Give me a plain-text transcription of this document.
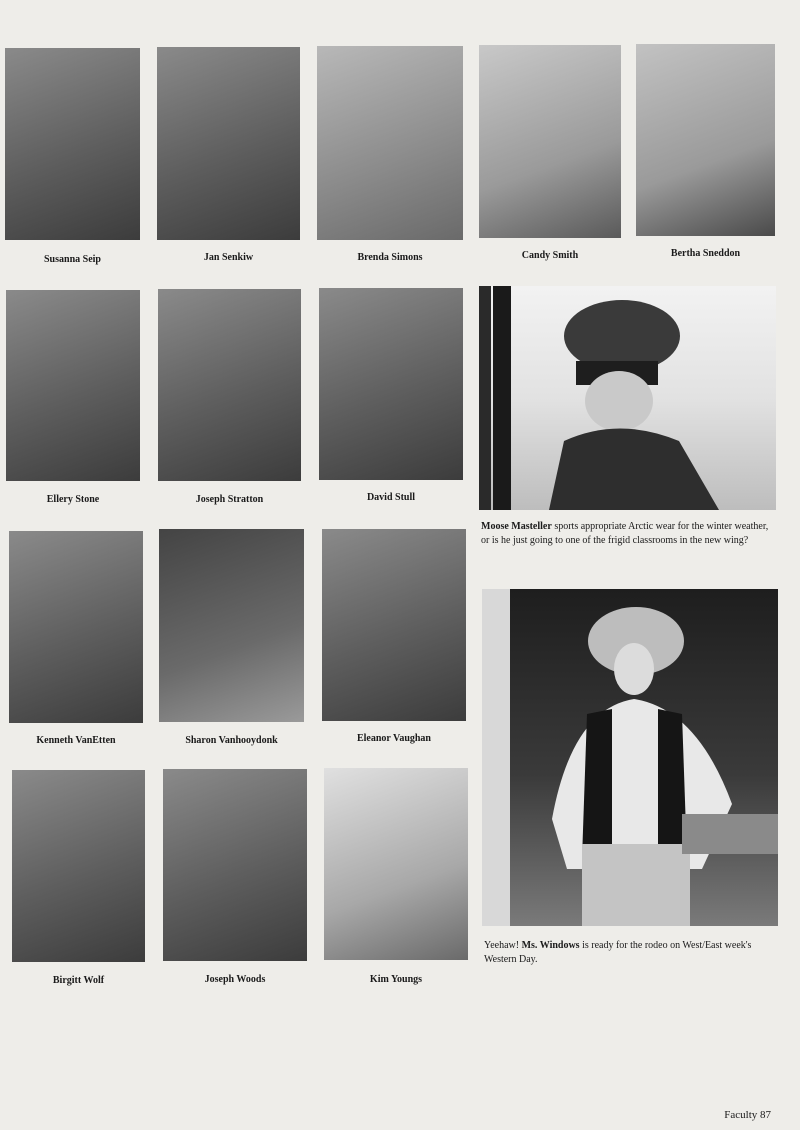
Susanna Seip	Jan Senkiw	Brenda Simons	Candy Smith	Bertha Sneddon
Ellery Stone	Joseph Stratton	David Stull
Moose Masteller sports appropriate Arctic wear for the winter weather, or is he just going to one of the frigid classrooms in the new wing?
Kenneth VanEtten	Sharon Vanhooydonk	Eleanor Vaughan
Birgitt Wolf	Joseph Woods	Kim Youngs
Yeehaw! Ms. Windows is ready for the rodeo on West/East week's Western Day.
Faculty 87
